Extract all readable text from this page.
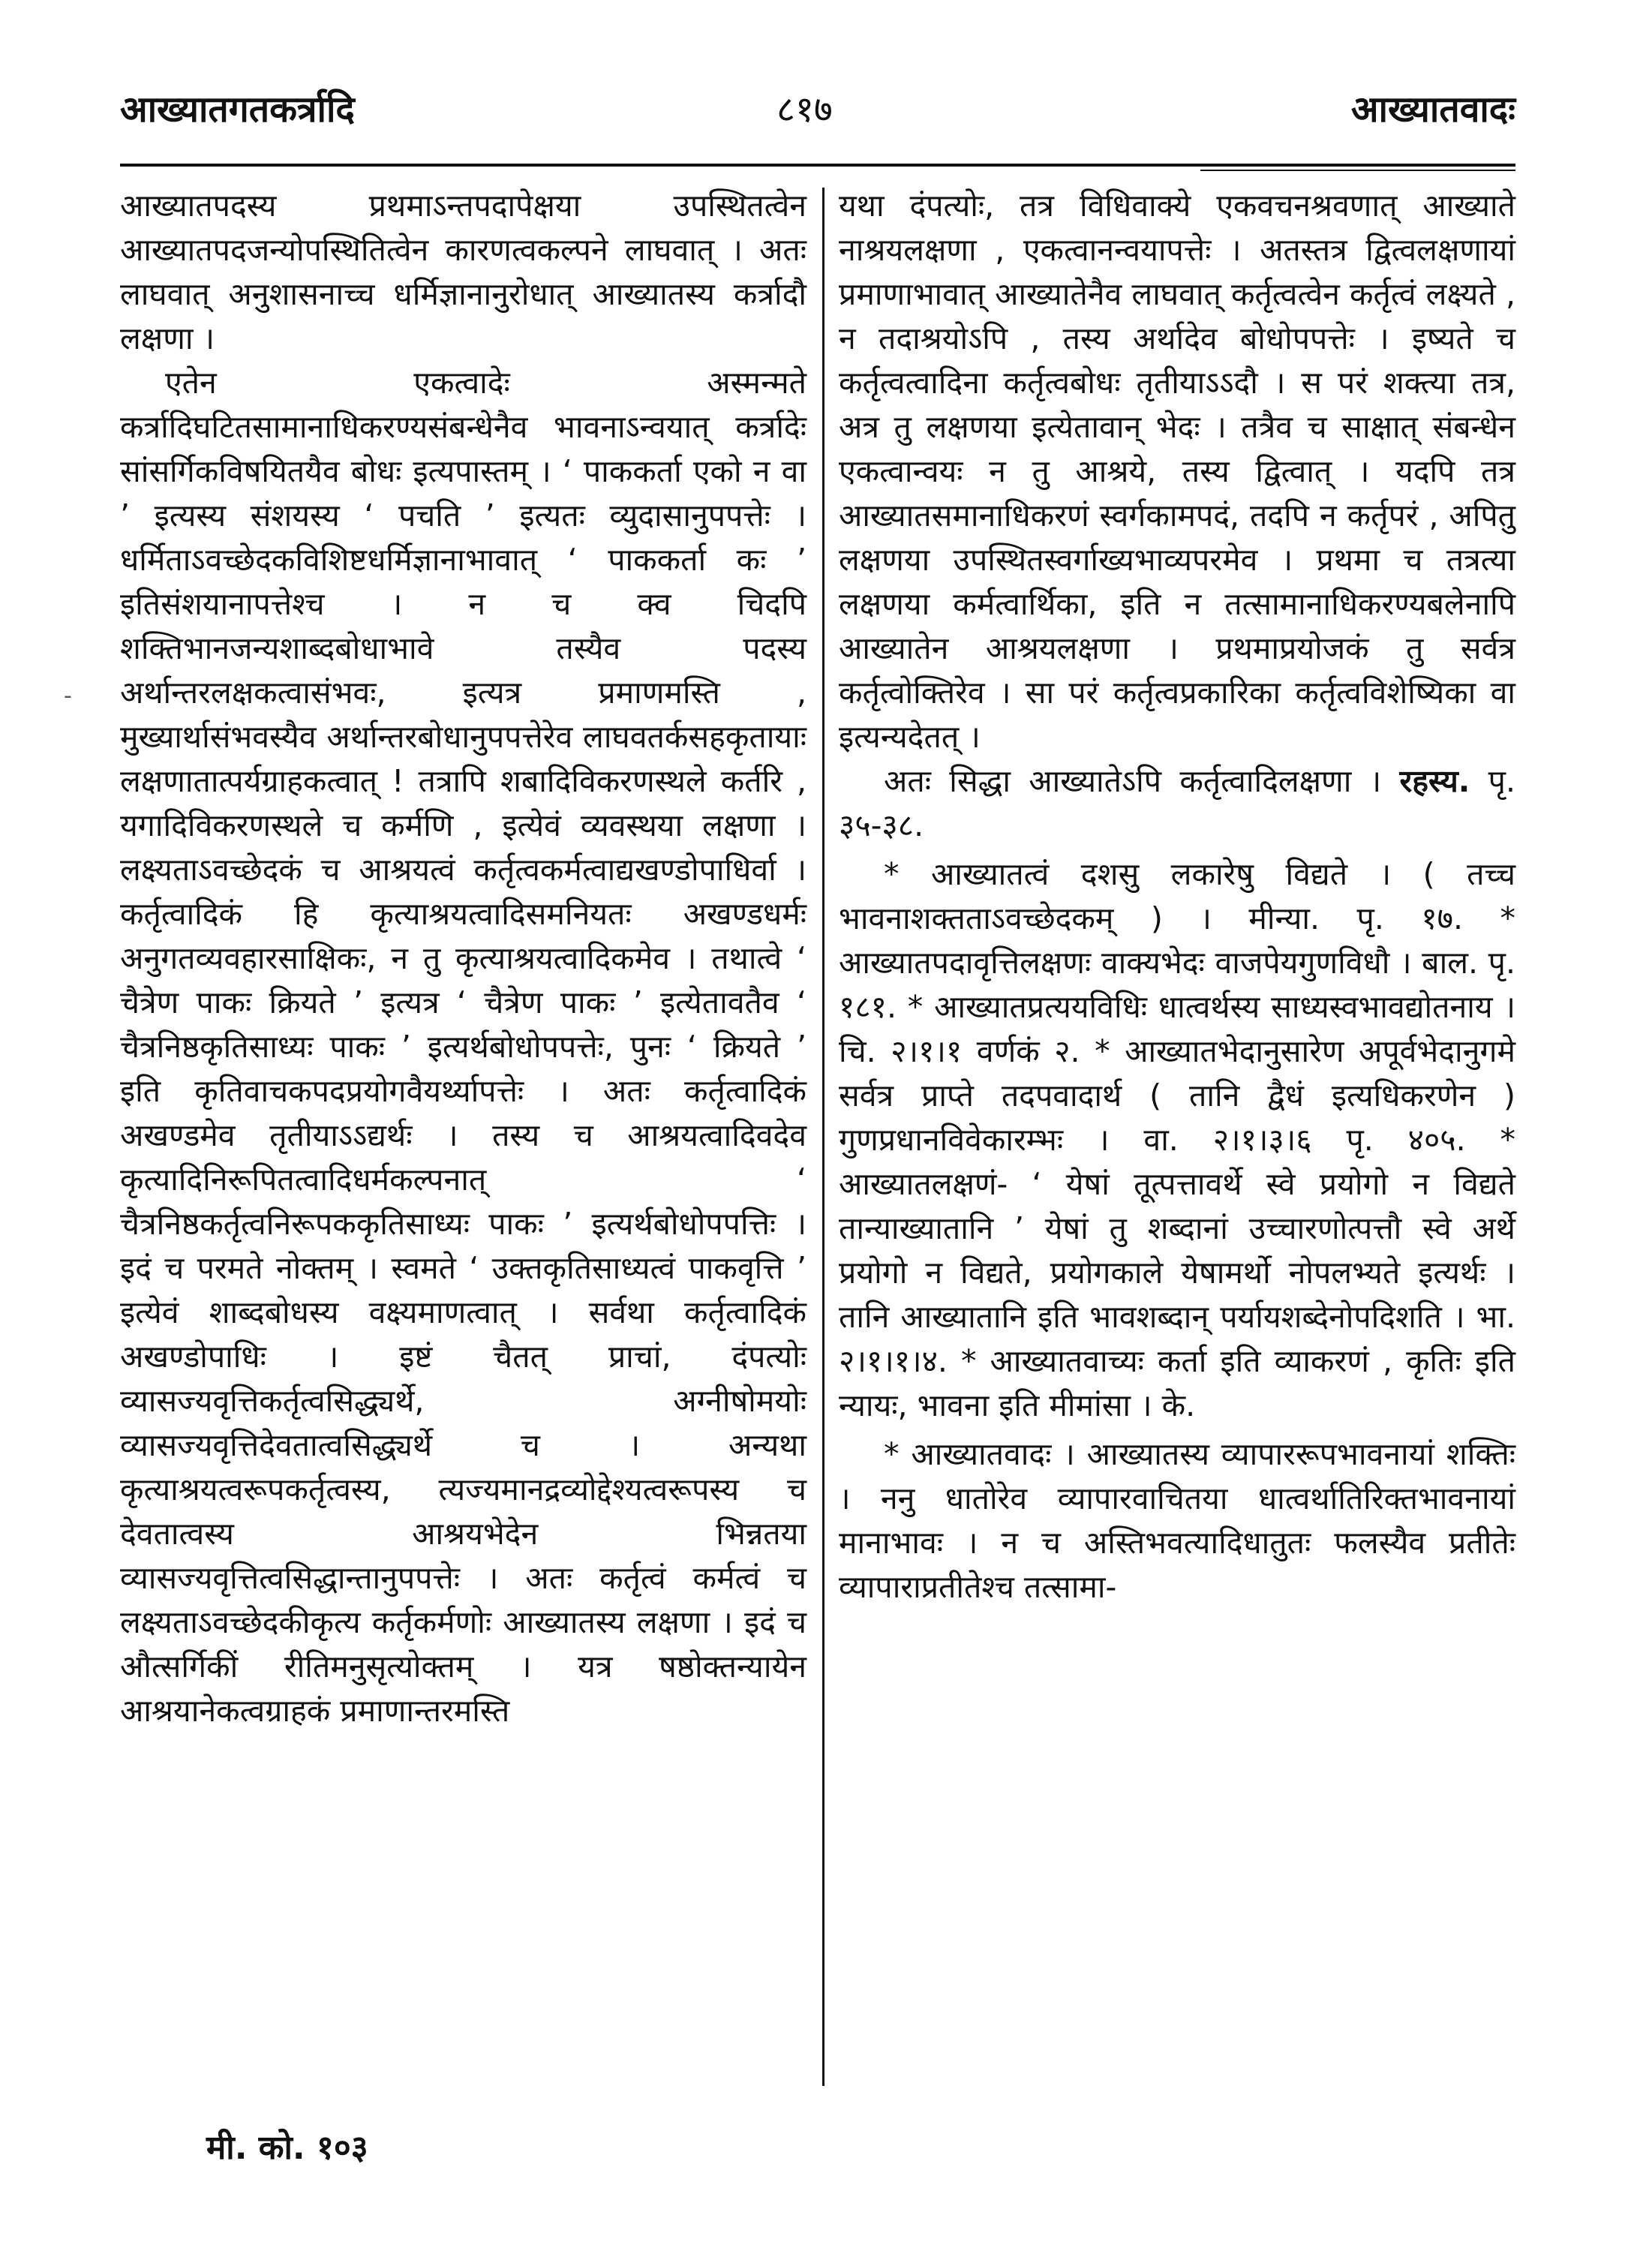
आख्यातगतकर्त्रादि	८१७	आख्यातवादः
-

आख्यातपदस्य प्रथमाऽन्तपदापेक्षया उपस्थितत्वेन आख्यातपदजन्योपस्थितित्वेन कारणत्वकल्पने लाघवात् । अतः लाघवात् अनुशासनाच्च धर्मिज्ञानानुरोधात् आख्यातस्य कर्त्रादौ लक्षणा ।

एतेन एकत्वादेः अस्मन्मते कर्त्रादिघटितसामानाधिकरण्यसंबन्धेनैव भावनाऽन्वयात् कर्त्रादेः सांसर्गिकविषयितयैव बोधः इत्यपास्तम् । ‘ पाककर्ता एको न वा ’ इत्यस्य संशयस्य ‘ पचति ’ इत्यतः व्युदासानुपपत्तेः । धर्मिताऽवच्छेदकविशिष्टधर्मिज्ञानाभावात् ‘ पाककर्ता कः ’ इतिसंशयानापत्तेश्च । न च क्व चिदपि शक्तिभानजन्यशाब्दबोधाभावे तस्यैव पदस्य अर्थान्तरलक्षकत्वासंभवः, इत्यत्र प्रमाणमस्ति , मुख्यार्थासंभवस्यैव अर्थान्तरबोधानुपपत्तेरेव लाघवतर्कसहकृतायाः लक्षणातात्पर्यग्राहकत्वात् ! तत्रापि शबादिविकरणस्थले कर्तरि , यगादिविकरणस्थले च कर्मणि , इत्येवं व्यवस्थया लक्षणा । लक्ष्यताऽवच्छेदकं च आश्रयत्वं कर्तृत्वकर्मत्वाद्यखण्डोपाधिर्वा । कर्तृत्वादिकं हि कृत्याश्रयत्वादिसमनियतः अखण्डधर्मः अनुगतव्यवहारसाक्षिकः, न तु कृत्याश्रयत्वादिकमेव । तथात्वे ‘ चैत्रेण पाकः क्रियते ’ इत्यत्र ‘ चैत्रेण पाकः ’ इत्येतावतैव ‘ चैत्रनिष्ठकृतिसाध्यः पाकः ’ इत्यर्थबोधोपपत्तेः, पुनः ‘ क्रियते ’ इति कृतिवाचकपदप्रयोगवैयर्थ्यापत्तेः । अतः कर्तृत्वादिकं अखण्डमेव तृतीयाऽऽद्यर्थः । तस्य च आश्रयत्वादिवदेव कृत्यादिनिरूपितत्वादिधर्मकल्पनात् ‘ चैत्रनिष्ठकर्तृत्वनिरूपककृतिसाध्यः पाकः ’ इत्यर्थबोधोपपत्तिः । इदं च परमते नोक्तम् । स्वमते ‘ उक्तकृतिसाध्यत्वं पाकवृत्ति ’ इत्येवं शाब्दबोधस्य वक्ष्यमाणत्वात् । सर्वथा कर्तृत्वादिकं अखण्डोपाधिः । इष्टं चैतत् प्राचां, दंपत्योः व्यासज्यवृत्तिकर्तृत्वसिद्ध्यर्थे, अग्नीषोमयोः व्यासज्यवृत्तिदेवतात्वसिद्ध्यर्थे च । अन्यथा कृत्याश्रयत्वरूपकर्तृत्वस्य, त्यज्यमानद्रव्योद्देश्यत्वरूपस्य च देवतात्वस्य आश्रयभेदेन भिन्नतया व्यासज्यवृत्तित्वसिद्धान्तानुपपत्तेः । अतः कर्तृत्वं कर्मत्वं च लक्ष्यताऽवच्छेदकीकृत्य कर्तृकर्मणोः आख्यातस्य लक्षणा । इदं च औत्सर्गिकीं रीतिमनुसृत्योक्तम् । यत्र षष्ठोक्तन्यायेन आश्रयानेकत्वग्राहकं प्रमाणान्तरमस्ति

यथा दंपत्योः, तत्र विधिवाक्ये एकवचनश्रवणात् आख्याते नाश्रयलक्षणा , एकत्वानन्वयापत्तेः । अतस्तत्र द्वित्वलक्षणायां प्रमाणाभावात् आख्यातेनैव लाघवात् कर्तृत्वत्वेन कर्तृत्वं लक्ष्यते , न तदाश्रयोऽपि , तस्य अर्थादेव बोधोपपत्तेः । इष्यते च कर्तृत्वत्वादिना कर्तृत्वबोधः तृतीयाऽऽदौ । स परं शक्त्या तत्र, अत्र तु लक्षणया इत्येतावान् भेदः । तत्रैव च साक्षात् संबन्धेन एकत्वान्वयः न तु आश्रये, तस्य द्वित्वात् । यदपि तत्र आख्यातसमानाधिकरणं स्वर्गकामपदं, तदपि न कर्तृपरं , अपितु लक्षणया उपस्थितस्वर्गाख्यभाव्यपरमेव । प्रथमा च तत्रत्या लक्षणया कर्मत्वार्थिका, इति न तत्सामानाधिकरण्यबलेनापि आख्यातेन आश्रयलक्षणा । प्रथमाप्रयोजकं तु सर्वत्र कर्तृत्वोक्तिरेव । सा परं कर्तृत्वप्रकारिका कर्तृत्वविशेष्यिका वा इत्यन्यदेतत् ।

अतः सिद्धा आख्यातेऽपि कर्तृत्वादिलक्षणा । रहस्य. पृ. ३५-३८.

* आख्यातत्वं दशसु लकारेषु विद्यते । ( तच्च भावनाशक्तताऽवच्छेदकम् ) । मीन्या. पृ. १७. * आख्यातपदावृत्तिलक्षणः वाक्यभेदः वाजपेयगुणविधौ । बाल. पृ. १८१. * आख्यातप्रत्ययविधिः धात्वर्थस्य साध्यस्वभावद्योतनाय । चि. २।१।१ वर्णकं २. * आख्यातभेदानुसारेण अपूर्वभेदानुगमे सर्वत्र प्राप्ते तदपवादार्थ ( तानि द्वैधं इत्यधिकरणेन ) गुणप्रधानविवेकारम्भः । वा. २।१।३।६ पृ. ४०५. * आख्यातलक्षणं- ‘ येषां तूत्पत्तावर्थे स्वे प्रयोगो न विद्यते तान्याख्यातानि ’ येषां तु शब्दानां उच्चारणोत्पत्तौ स्वे अर्थे प्रयोगो न विद्यते, प्रयोगकाले येषामर्थो नोपलभ्यते इत्यर्थः । तानि आख्यातानि इति भावशब्दान् पर्यायशब्देनोपदिशति । भा. २।१।१।४. * आख्यातवाच्यः कर्ता इति व्याकरणं , कृतिः इति न्यायः, भावना इति मीमांसा । के.

* आख्यातवादः । आख्यातस्य व्यापाररूपभावनायां शक्तिः । ननु धातोरेव व्यापारवाचितया धात्वर्थातिरिक्तभावनायां मानाभावः । न च अस्तिभवत्यादिधातुतः फलस्यैव प्रतीतेः व्यापाराप्रतीतेश्च तत्सामा-

मी. को. १०३
